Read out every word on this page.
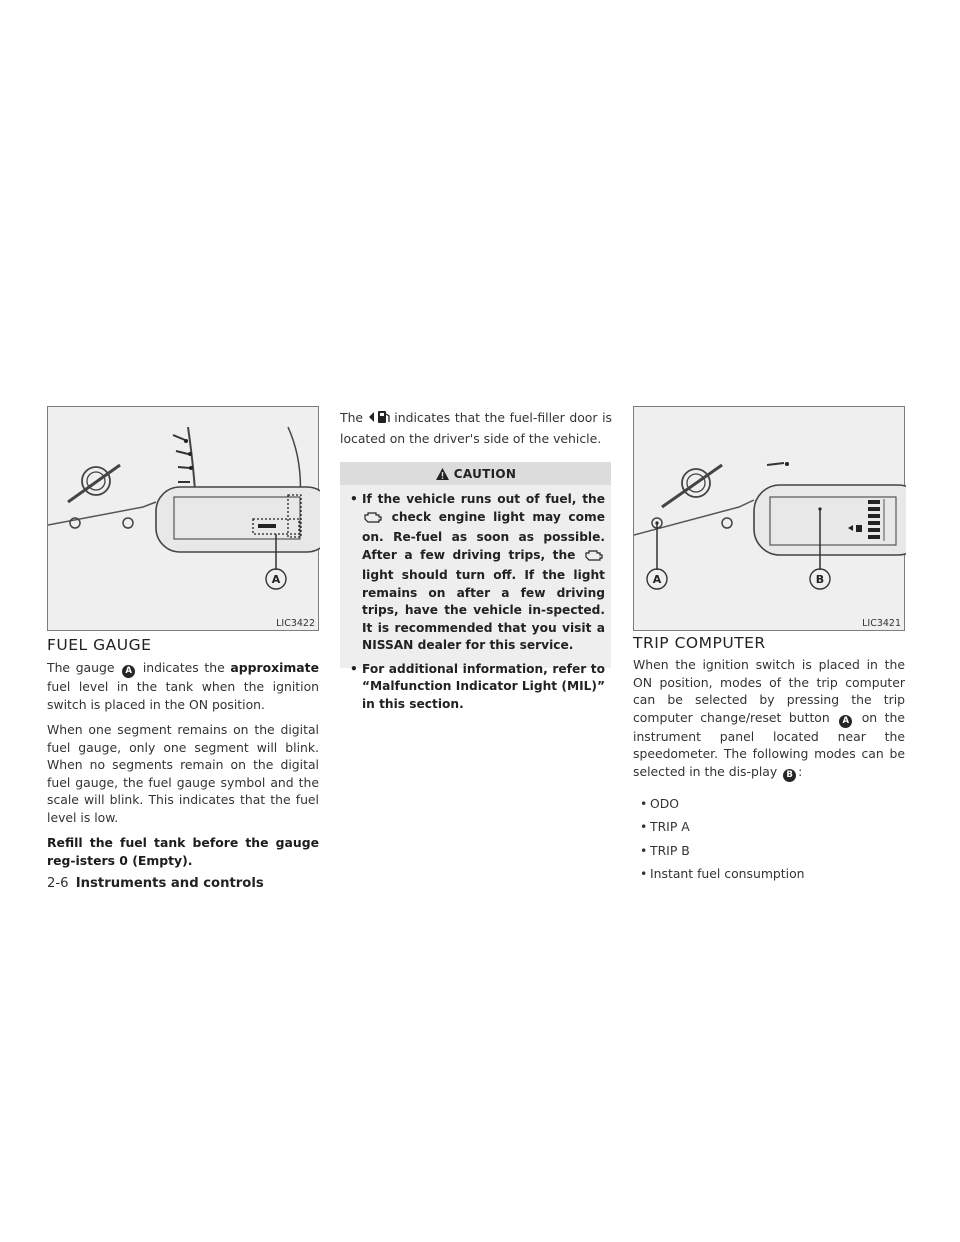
A
LIC3422
FUEL GAUGE

The gauge A indicates the approximate fuel level in the tank when the ignition switch is placed in the ON position.

When one segment remains on the digital fuel gauge, only one segment will blink. When no segments remain on the digital fuel gauge, the fuel gauge symbol and the scale will blink. This indicates that the fuel level is low.

Refill the fuel tank before the gauge reg-isters 0 (Empty).

The	indicates that the fuel-filler door is located on the driver's side of the vehicle.

CAUTION
• If the vehicle runs out of fuel, the  check engine light may come on. Re-fuel as soon as possible. After a few driving trips, the  light should turn off. If the light remains on after a few driving trips, have the vehicle in-spected. It is recommended that you visit a NISSAN dealer for this service.
• For additional information, refer to “Malfunction Indicator Light (MIL)” in this section.
B
A
LIC3421
TRIP COMPUTER

When the ignition switch is placed in the ON position, modes of the trip computer can be selected by pressing the trip computer change/reset button A on the instrument panel located near the speedometer. The following modes can be selected in the dis-play B :

• ODO
• TRIP A
• TRIP B
• Instant fuel consumption
2-6 Instruments and controls
